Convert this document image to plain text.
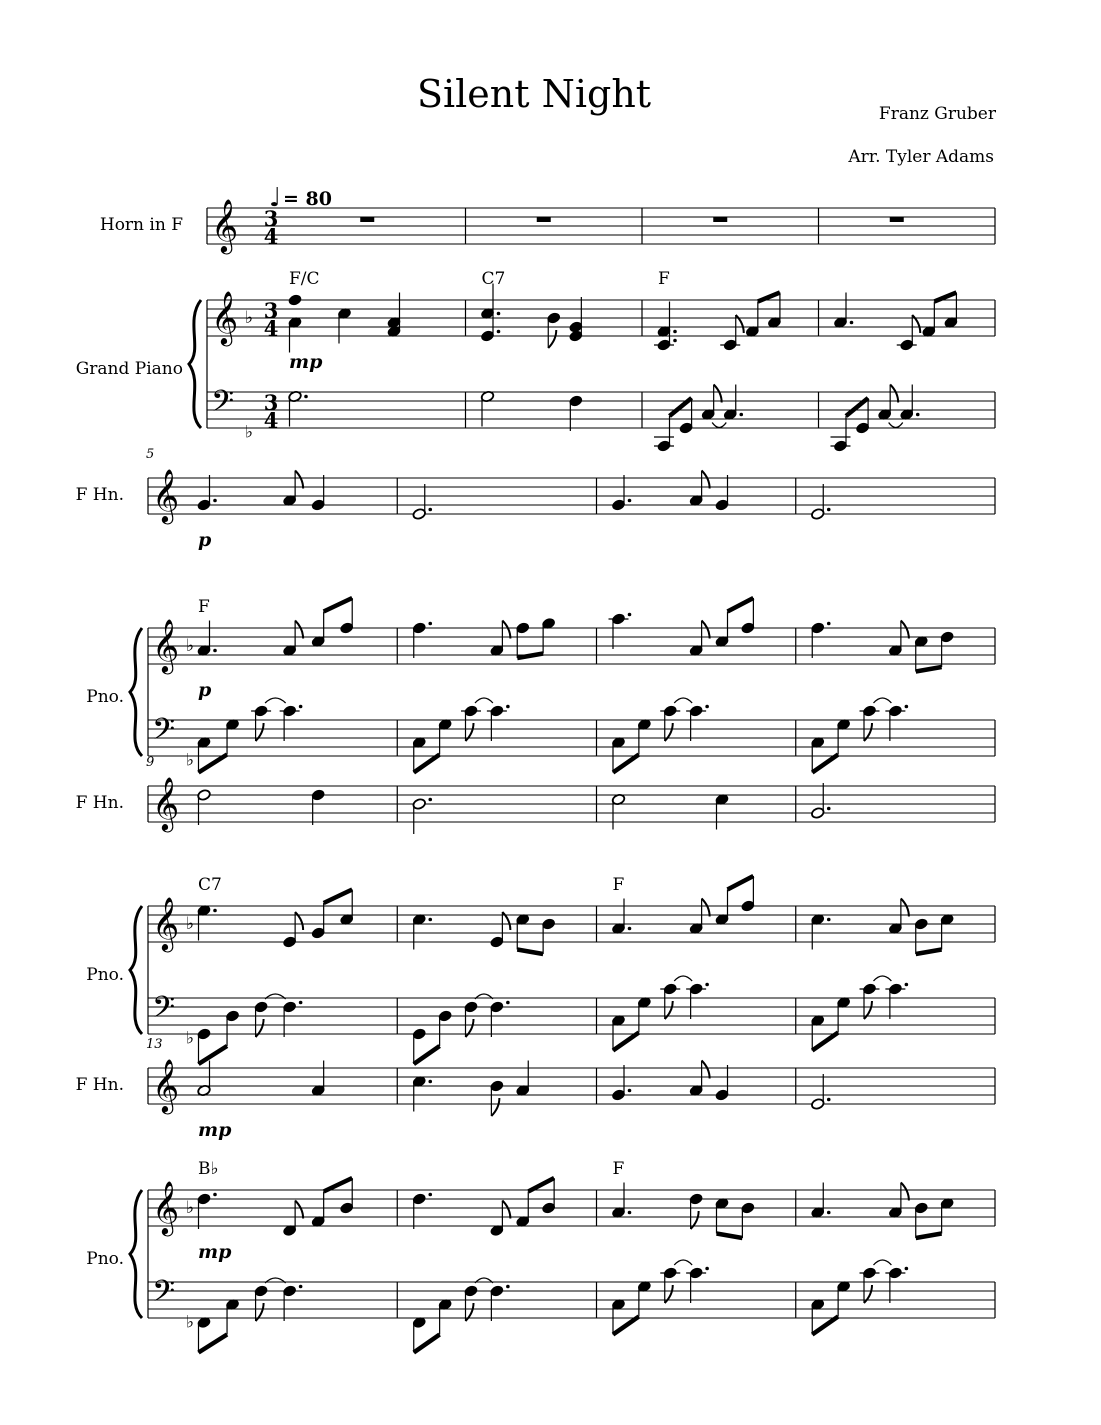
Silent Night	Franz Gruber
Arr. Tyler Adams
Horn in F
Grand Piano
♩ = 80
𝄞
𝄞
𝄢
♭
♭
3
4
3
4
3
4
F/C
mp
C7	F
F Hn.
Pno.
5
𝄞
𝄞
𝄢
♭
♭
F
p
p
F Hn.
Pno.
9
𝄞
𝄞
𝄢
♭
♭
C7	F
F Hn.
Pno.
13
𝄞
𝄞
𝄢
♭
♭
B♭
mp
mp
F
